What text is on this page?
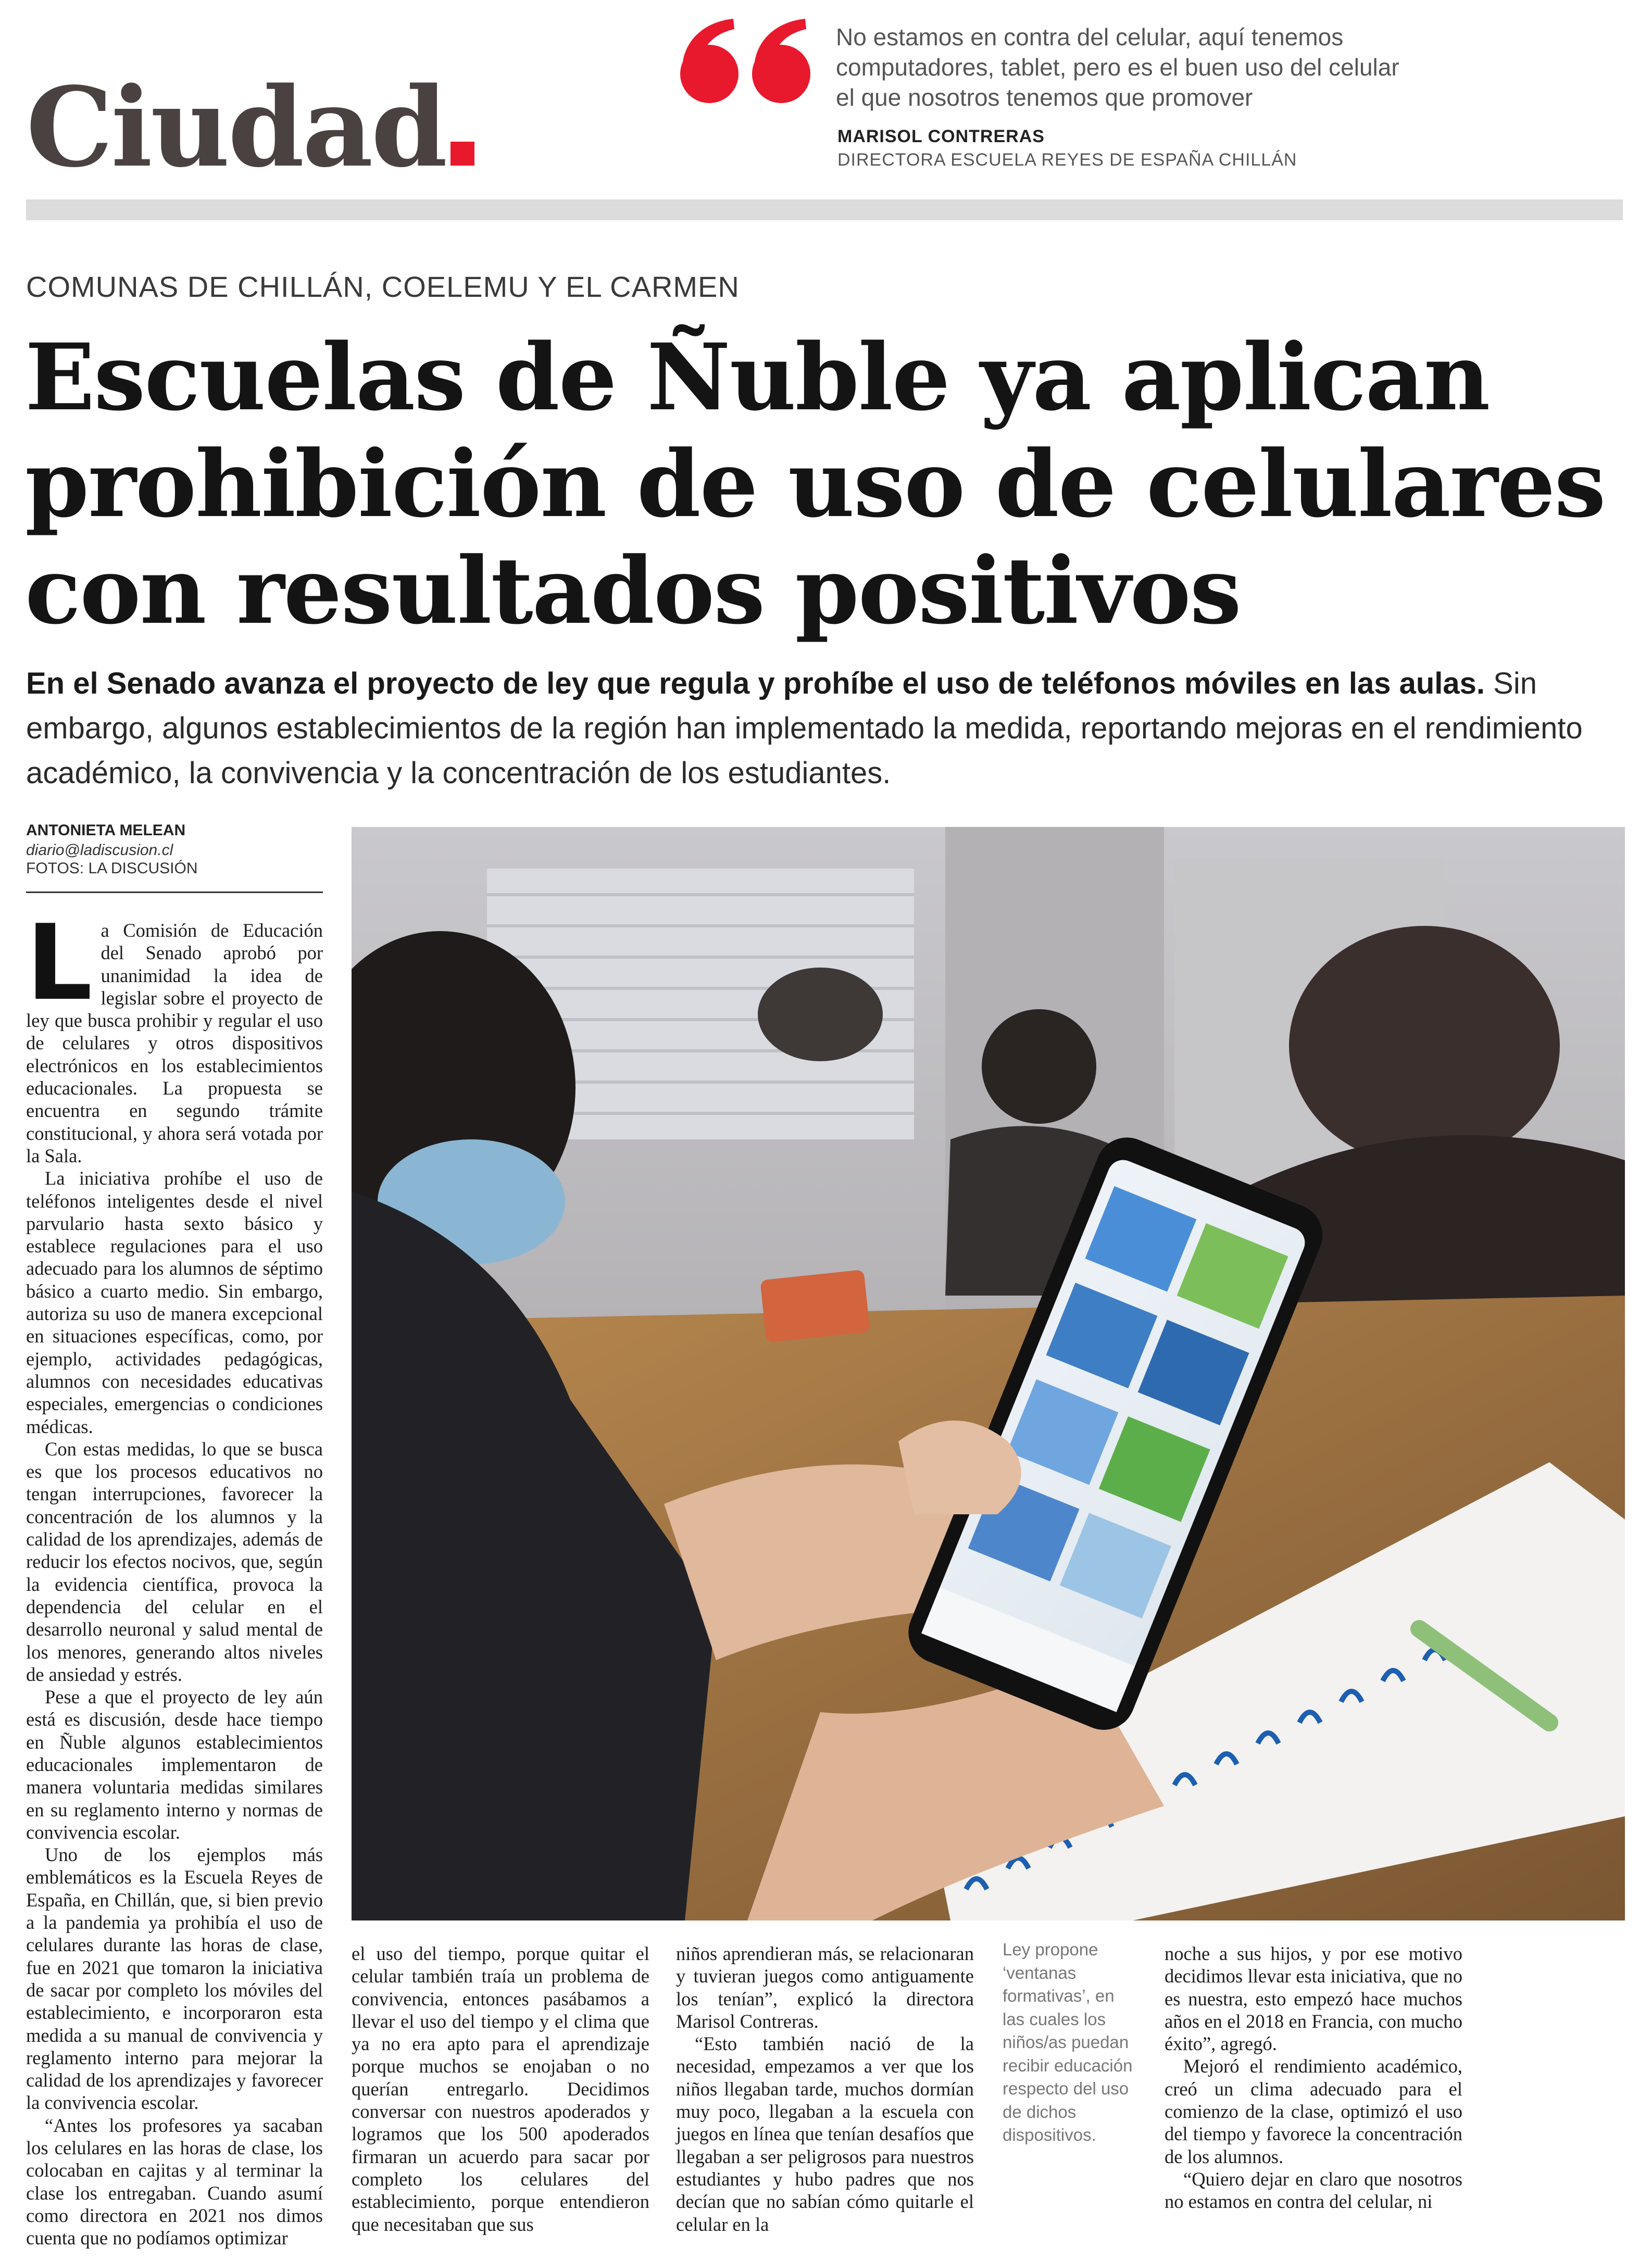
Ciudad
No estamos en contra del celular, aquí tenemos computadores, tablet, pero es el buen uso del celular el que nosotros tenemos que promover
MARISOL CONTRERAS
DIRECTORA ESCUELA REYES DE ESPAÑA CHILLÁN
COMUNAS DE CHILLÁN, COELEMU Y EL CARMEN
Escuelas de Ñuble ya aplican prohibición de uso de celulares con resultados positivos
En el Senado avanza el proyecto de ley que regula y prohíbe el uso de teléfonos móviles en las aulas. Sin embargo, algunos establecimientos de la región han implementado la medida, reportando mejoras en el rendimiento académico, la convivencia y la concentración de los estudiantes.
ANTONIETA MELEAN
diario@ladiscusion.cl
FOTOS: LA DISCUSIÓN

La Comisión de Educación del Senado aprobó por unanimidad la idea de legislar sobre el proyecto de ley que busca prohibir y regular el uso de celulares y otros dispositivos electrónicos en los establecimientos educacionales. La propuesta se encuentra en segundo trámite constitucional, y ahora será votada por la Sala.

La iniciativa prohíbe el uso de teléfonos inteligentes desde el nivel parvulario hasta sexto básico y establece regulaciones para el uso adecuado para los alumnos de séptimo básico a cuarto medio. Sin embargo, autoriza su uso de manera excepcional en situaciones específicas, como, por ejemplo, actividades pedagógicas, alumnos con necesidades educativas especiales, emergencias o condiciones médicas.

Con estas medidas, lo que se busca es que los procesos educativos no tengan interrupciones, favorecer la concentración de los alumnos y la calidad de los aprendizajes, además de reducir los efectos nocivos, que, según la evidencia científica, provoca la dependencia del celular en el desarrollo neuronal y salud mental de los menores, generando altos niveles de ansiedad y estrés.

Pese a que el proyecto de ley aún está es discusión, desde hace tiempo en Ñuble algunos establecimientos educacionales implementaron de manera voluntaria medidas similares en su reglamento interno y normas de convivencia escolar.

Uno de los ejemplos más emblemáticos es la Escuela Reyes de España, en Chillán, que, si bien previo a la pandemia ya prohibía el uso de celulares durante las horas de clase, fue en 2021 que tomaron la iniciativa de sacar por completo los móviles del establecimiento, e incorporaron esta medida a su manual de convivencia y reglamento interno para mejorar la calidad de los aprendizajes y favorecer la convivencia escolar.

“Antes los profesores ya sacaban los celulares en las horas de clase, los colocaban en cajitas y al terminar la clase los entregaban. Cuando asumí como directora en 2021 nos dimos cuenta que no podíamos optimizar

el uso del tiempo, porque quitar el celular también traía un problema de convivencia, entonces pasábamos a llevar el uso del tiempo y el clima que ya no era apto para el aprendizaje porque muchos se enojaban o no querían entregarlo. Decidimos conversar con nuestros apoderados y logramos que los 500 apoderados firmaran un acuerdo para sacar por completo los celulares del establecimiento, porque entendieron que necesitaban que sus

niños aprendieran más, se relacionaran y tuvieran juegos como antiguamente los tenían”, explicó la directora Marisol Contreras.

“Esto también nació de la necesidad, empezamos a ver que los niños llegaban tarde, muchos dormían muy poco, llegaban a la escuela con juegos en línea que tenían desafíos que llegaban a ser peligrosos para nuestros estudiantes y hubo padres que nos decían que no sabían cómo quitarle el celular en la

Ley propone ‘ventanas formativas’, en las cuales los niños/as puedan recibir educación respecto del uso de dichos dispositivos.

noche a sus hijos, y por ese motivo decidimos llevar esta iniciativa, que no es nuestra, esto empezó hace muchos años en el 2018 en Francia, con mucho éxito”, agregó.

Mejoró el rendimiento académico, creó un clima adecuado para el comienzo de la clase, optimizó el uso del tiempo y favorece la concentración de los alumnos.

“Quiero dejar en claro que nosotros no estamos en contra del celular, ni
